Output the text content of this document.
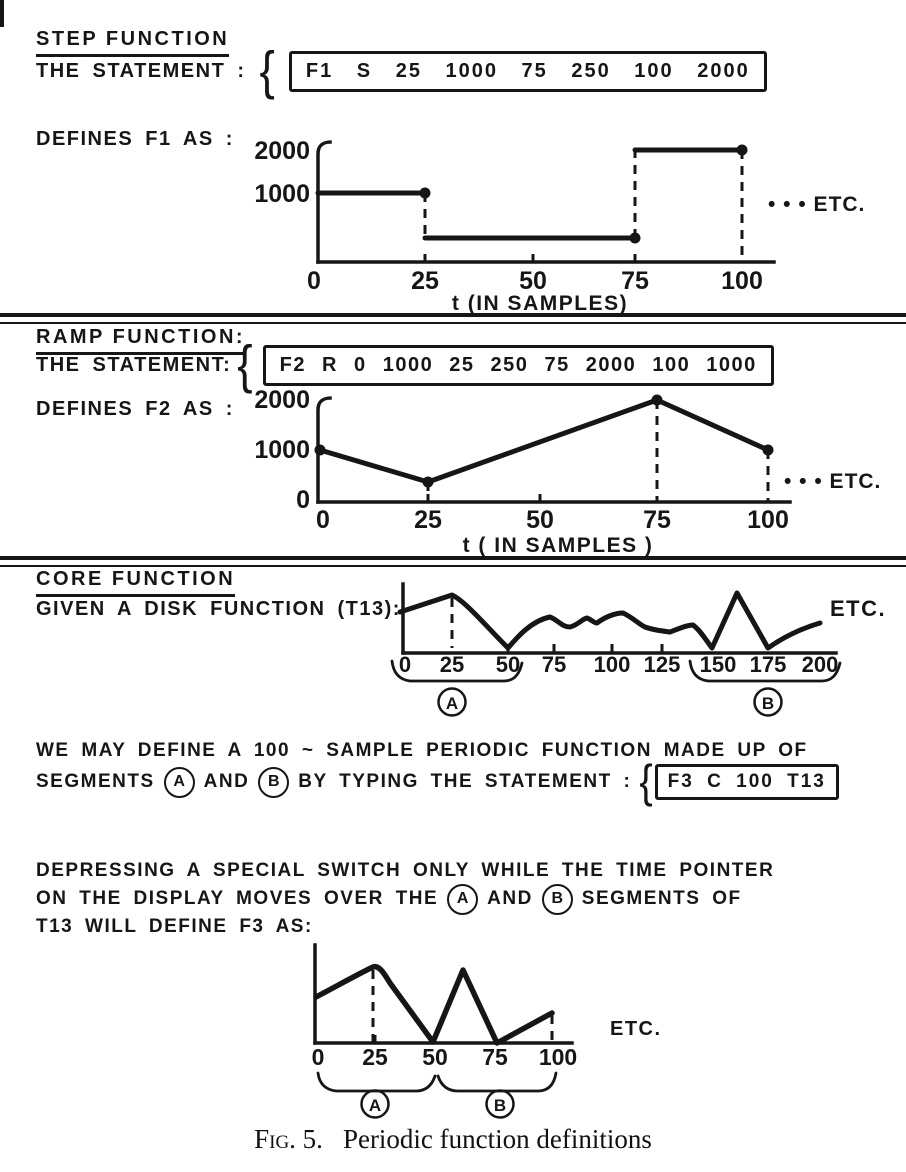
STEP FUNCTION
THE STATEMENT : {	F1 S 25 1000 75 250 100 2000
DEFINES F1 AS : 2000
1000
0	25	50	75	100
• • • ETC.
t (IN SAMPLES)
RAMP FUNCTION:
THE STATEMENT: {	F2 R 0 1000 25 250 75 2000 100 1000
DEFINES F2 AS : 2000
1000
0
0	25	50	75	100
• • • ETC.
t ( IN SAMPLES )
CORE FUNCTION
GIVEN A DISK FUNCTION (T13):
0 25 50 75 100 125 150 175 200
A	B
ETC.
WE MAY DEFINE A 100 ~ SAMPLE PERIODIC FUNCTION MADE UP OF
SEGMENTS	A AND	B BY TYPING THE STATEMENT : { F3 C 100 T13
DEPRESSING A SPECIAL SWITCH ONLY WHILE THE TIME POINTER
ON THE DISPLAY MOVES OVER THE	A AND	B SEGMENTS OF
T13 WILL DEFINE F3 AS:
0 25 50 75 100
A	B
ETC.
Fig. 5. Periodic function definitions
